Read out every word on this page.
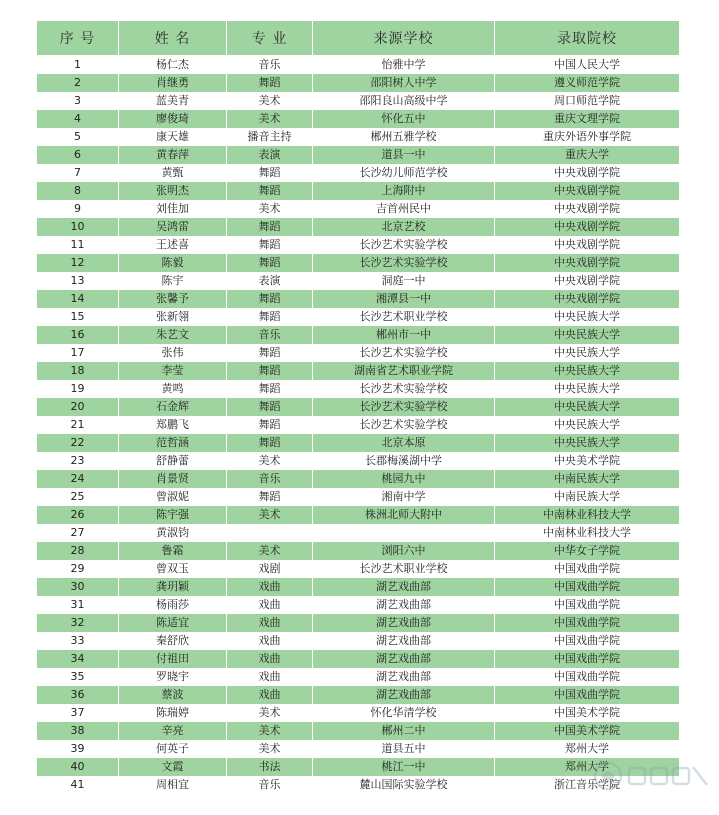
序 号	姓 名	专 业	来源学校	录取院校
1	杨仁杰	音乐	怡雅中学	中国人民大学
2	肖继勇	舞蹈	邵阳树人中学	遵义师范学院
3	蓝美青	美术	邵阳良山高级中学	周口师范学院
4	廖俊琦	美术	怀化五中	重庆文理学院
5	康天雄	播音主持	郴州五雅学校	重庆外语外事学院
6	黄春萍	表演	道县一中	重庆大学
7	黄甄	舞蹈	长沙幼儿师范学校	中央戏剧学院
8	张明杰	舞蹈	上海附中	中央戏剧学院
9	刘佳加	美术	吉首州民中	中央戏剧学院
10	吴鸿雷	舞蹈	北京艺校	中央戏剧学院
11	王述喜	舞蹈	长沙艺术实验学校	中央戏剧学院
12	陈毅	舞蹈	长沙艺术实验学校	中央戏剧学院
13	陈宇	表演	洞庭一中	中央戏剧学院
14	张馨予	舞蹈	湘潭县一中	中央戏剧学院
15	张新翎	舞蹈	长沙艺术职业学校	中央民族大学
16	朱艺文	音乐	郴州市一中	中央民族大学
17	张伟	舞蹈	长沙艺术实验学校	中央民族大学
18	李莹	舞蹈	湖南省艺术职业学院	中央民族大学
19	黄鸣	舞蹈	长沙艺术实验学校	中央民族大学
20	石金辉	舞蹈	长沙艺术实验学校	中央民族大学
21	郑鹏飞	舞蹈	长沙艺术实验学校	中央民族大学
22	范哲涵	舞蹈	北京本原	中央民族大学
23	舒静蕾	美术	长郡梅溪湖中学	中央美术学院
24	肖景贤	音乐	桃园九中	中南民族大学
25	曾淑妮	舞蹈	湘南中学	中南民族大学
26	陈宇强	美术	株洲北师大附中	中南林业科技大学
27	黄淑钧			中南林业科技大学
28	鲁霜	美术	浏阳六中	中华女子学院
29	曾双玉	戏剧	长沙艺术职业学校	中国戏曲学院
30	龚玥颖	戏曲	湖艺戏曲部	中国戏曲学院
31	杨雨莎	戏曲	湖艺戏曲部	中国戏曲学院
32	陈适宜	戏曲	湖艺戏曲部	中国戏曲学院
33	秦舒欣	戏曲	湖艺戏曲部	中国戏曲学院
34	付祖田	戏曲	湖艺戏曲部	中国戏曲学院
35	罗晓宇	戏曲	湖艺戏曲部	中国戏曲学院
36	蔡波	戏曲	湖艺戏曲部	中国戏曲学院
37	陈瑞婷	美术	怀化华清学校	中国美术学院
38	辛亮	美术	郴州二中	中国美术学院
39	何英子	美术	道县五中	郑州大学
40	文霞	书法	桃江一中	郑州大学
41	周相宜	音乐	麓山国际实验学校	浙江音乐学院
